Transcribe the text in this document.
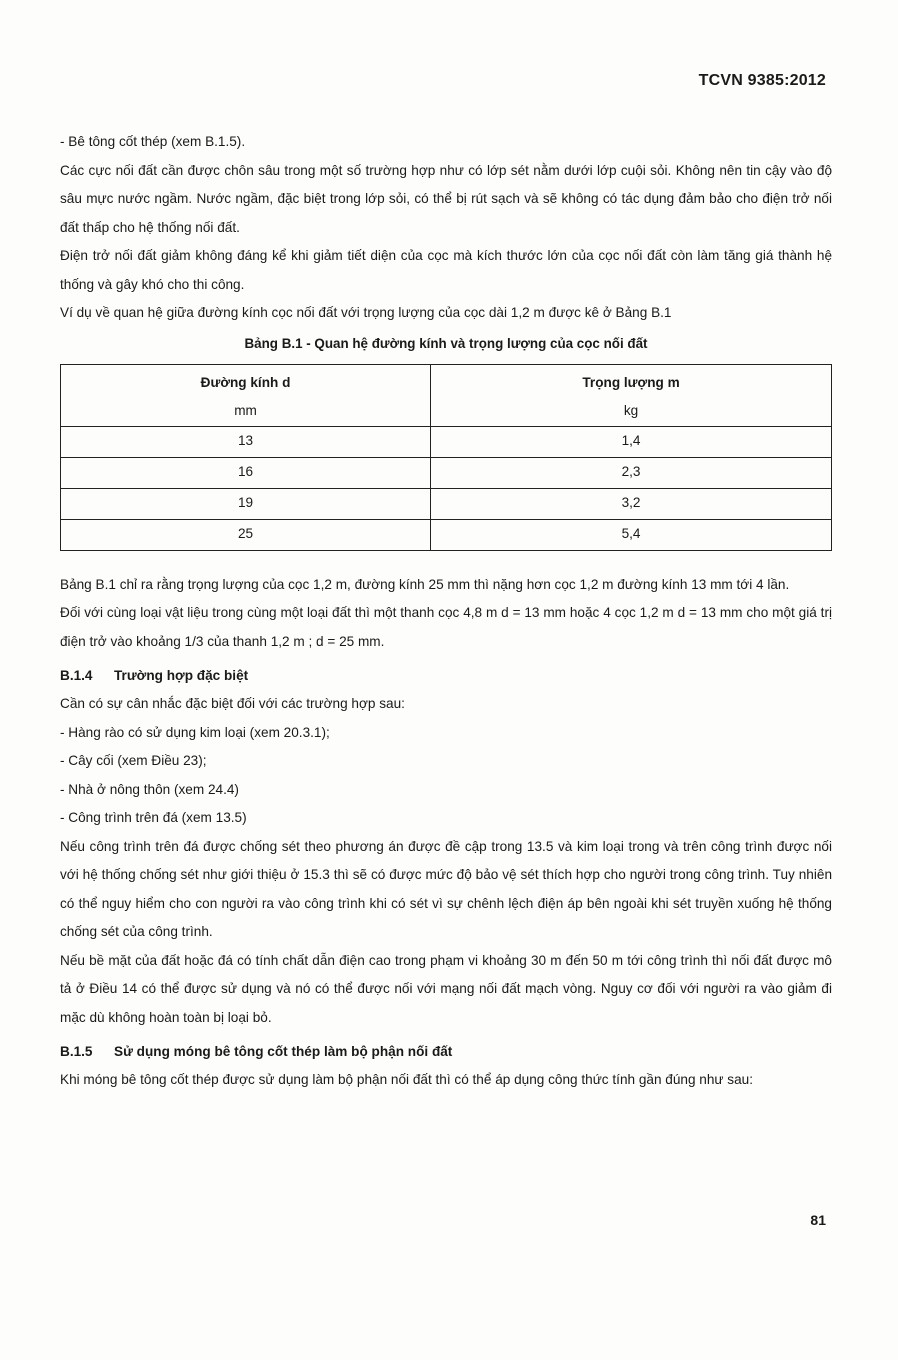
TCVN 9385:2012

- Bê tông cốt thép (xem B.1.5).

Các cực nối đất cần được chôn sâu trong một số trường hợp như có lớp sét nằm dưới lớp cuội sỏi. Không nên tin cậy vào độ sâu mực nước ngầm. Nước ngầm, đặc biệt trong lớp sỏi, có thể bị rút sạch và sẽ không có tác dụng đảm bảo cho điện trở nối đất thấp cho hệ thống nối đất.

Điện trở nối đất giảm không đáng kể khi giảm tiết diện của cọc mà kích thước lớn của cọc nối đất còn làm tăng giá thành hệ thống và gây khó cho thi công.

Ví dụ về quan hệ giữa đường kính cọc nối đất với trọng lượng của cọc dài 1,2 m được kê ở Bảng B.1

Bảng B.1 - Quan hệ đường kính và trọng lượng của cọc nối đất
Đường kính d	Trọng lượng m
mm	kg
13	1,4
16	2,3
19	3,2
25	5,4

Bảng B.1 chỉ ra rằng trọng lượng của cọc 1,2 m, đường kính 25 mm thì nặng hơn cọc 1,2 m đường kính 13 mm tới 4 lần.

Đối với cùng loại vật liệu trong cùng một loại đất thì một thanh cọc 4,8 m d = 13 mm hoặc 4 cọc 1,2 m d = 13 mm cho một giá trị điện trở vào khoảng 1/3 của thanh 1,2 m ; d = 25 mm.

B.1.4 Trường hợp đặc biệt

Cần có sự cân nhắc đặc biệt đối với các trường hợp sau:

- Hàng rào có sử dụng kim loại (xem 20.3.1);

- Cây cối (xem Điều 23);

- Nhà ở nông thôn (xem 24.4)

- Công trình trên đá (xem 13.5)

Nếu công trình trên đá được chống sét theo phương án được đề cập trong 13.5 và kim loại trong và trên công trình được nối với hệ thống chống sét như giới thiệu ở 15.3 thì sẽ có được mức độ bảo vệ sét thích hợp cho người trong công trình. Tuy nhiên có thể nguy hiểm cho con người ra vào công trình khi có sét vì sự chênh lệch điện áp bên ngoài khi sét truyền xuống hệ thống chống sét của công trình.

Nếu bề mặt của đất hoặc đá có tính chất dẫn điện cao trong phạm vi khoảng 30 m đến 50 m tới công trình thì nối đất được mô tả ở Điều 14 có thể được sử dụng và nó có thể được nối với mạng nối đất mạch vòng. Nguy cơ đối với người ra vào giảm đi mặc dù không hoàn toàn bị loại bỏ.

B.1.5 Sử dụng móng bê tông cốt thép làm bộ phận nối đất

Khi móng bê tông cốt thép được sử dụng làm bộ phận nối đất thì có thể áp dụng công thức tính gần đúng như sau:

81
